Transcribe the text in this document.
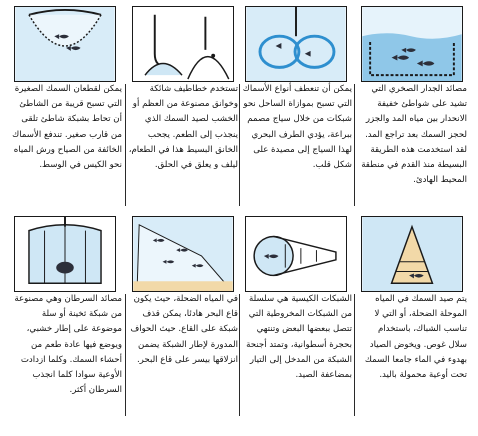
مصائد الجدار الصخري التي تشيد على شواطئ خفيفة الانحدار بين مياه المد والجزر لحجز السمك بعد تراجع المد. لقد استخدمت هذه الطريقة البسيطة منذ القدم في منطقة المحيط الهادئ.
يمكن أن تنعطف أنواع الأسماك التي تسبح بموازاة الساحل نحو شبكات من خلال سياج مصمم ببراعة، يؤدي الطرف البحري لهذا السياج إلى مصيدة على شكل قلب.
تستخدم خطاطيف شائكة وخوانق مصنوعة من العظم أو الخشب لصيد السمك الذي ينجذب إلى الطعم. يجحب الخانق البسيط هذا في الطعام، ليلف و يعلق في الحلق.
يمكن لقطعان السمك الصغيرة التي تسبح قريبة من الشاطئ أن تحاط بشبكة شاطئ تلقى من قارب صغير. تندفع الأسماك الخائفة من الصياح ورش المياه نحو الكيس في الوسط.
يتم صيد السمك في المياه الموحلة الضحلة، أو التي لا تناسب الشباك، باستخدام سلال غوص. ويخوض الصياد بهدوء في الماء جامعا السمك تحت أوعية محمولة باليد.
الشبكات الكيسية هي سلسلة من الشبكات المخروطية التي تتصل ببعضها البعض وتنتهي بحجرة أسطوانية، وتمتد أجنحة الشبكة من المدخل إلى التيار بمضاعفة الصيد.
في المياه الضحلة، حيث يكون قاع البحر هادئا، يمكن قذف شبكة على القاع. حيث الحواف المدورة لإطار الشبكة يضمن انزلاقها بيسر على قاع البحر.
مصائد السرطان وهي مصنوعة من شبكة ثخينة أو سلة موضوعة على إطار خشبي، ويوضع فيها عادة طعم من أحشاء السمك. وكلما ازدادت الأوعية سوادا كلما انجذب السرطان أكثر.
